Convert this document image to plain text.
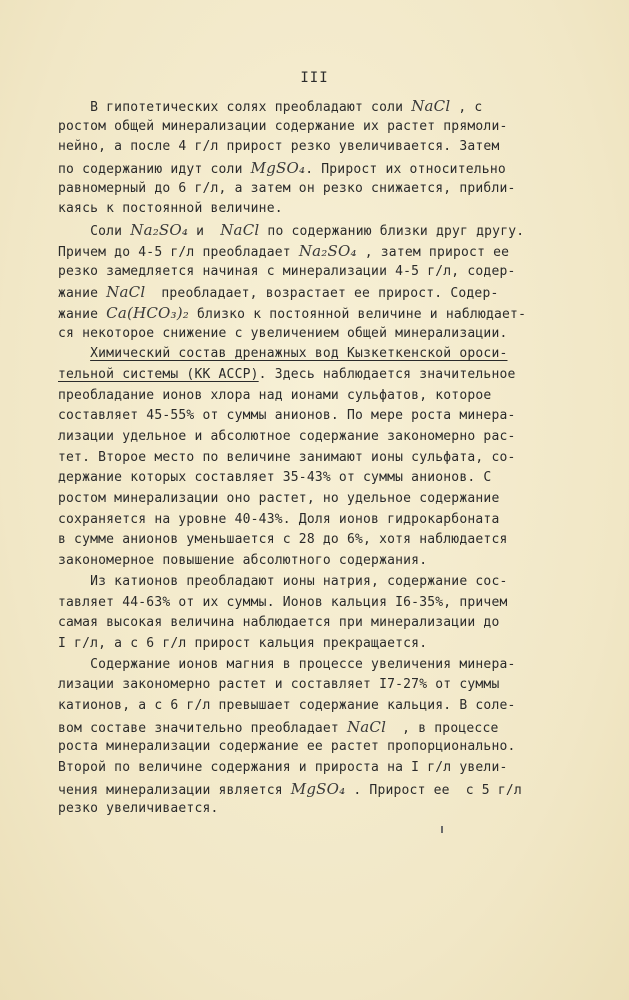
III
В гипотетических солях преобладают соли NaCl , с
ростом общей минерализации содержание их растет прямоли-
нейно, а после 4 г/л прирост резко увеличивается. Затем
по содержанию идут соли MgSO₄. Прирост их относительно
равномерный до 6 г/л, а затем он резко снижается, прибли-
каясь к постоянной величине.
Соли Na₂SO₄ и  NaCl по содержанию близки друг другу.
Причем до 4-5 г/л преобладает Na₂SO₄ , затем прирост ее
резко замедляется начиная с минерализации 4-5 г/л, содер-
жание NaCl  преобладает, возрастает ее прирост. Содер-
жание Ca(HCO₃)₂ близко к постоянной величине и наблюдает-
ся некоторое снижение с увеличением общей минерализации.
Химический состав дренажных вод Кызкеткенской ороси-
тельной системы (КК АССР). Здесь наблюдается значительное
преобладание ионов хлора над ионами сульфатов, которое
составляет 45-55% от суммы анионов. По мере роста минера-
лизации удельное и абсолютное содержание закономерно рас-
тет. Второе место по величине занимают ионы сульфата, со-
держание которых составляет 35-43% от суммы анионов. С
ростом минерализации оно растет, но удельное содержание
сохраняется на уровне 40-43%. Доля ионов гидрокарбоната
в сумме анионов уменьшается с 28 до 6%, хотя наблюдается
закономерное повышение абсолютного содержания.
Из катионов преобладают ионы натрия, содержание сос-
тавляет 44-63% от их суммы. Ионов кальция I6-35%, причем
самая высокая величина наблюдается при минерализации до
I г/л, а с 6 г/л прирост кальция прекращается.
Содержание ионов магния в процессе увеличения минера-
лизации закономерно растет и составляет I7-27% от суммы
катионов, а с 6 г/л превышает содержание кальция. В соле-
вом составе значительно преобладает NaCl  , в процессе
роста минерализации содержание ее растет пропорционально.
Второй по величине содержания и прироста на I г/л увели-
чения минерализации является MgSO₄ . Прирост ее  с 5 г/л
резко увеличивается.
